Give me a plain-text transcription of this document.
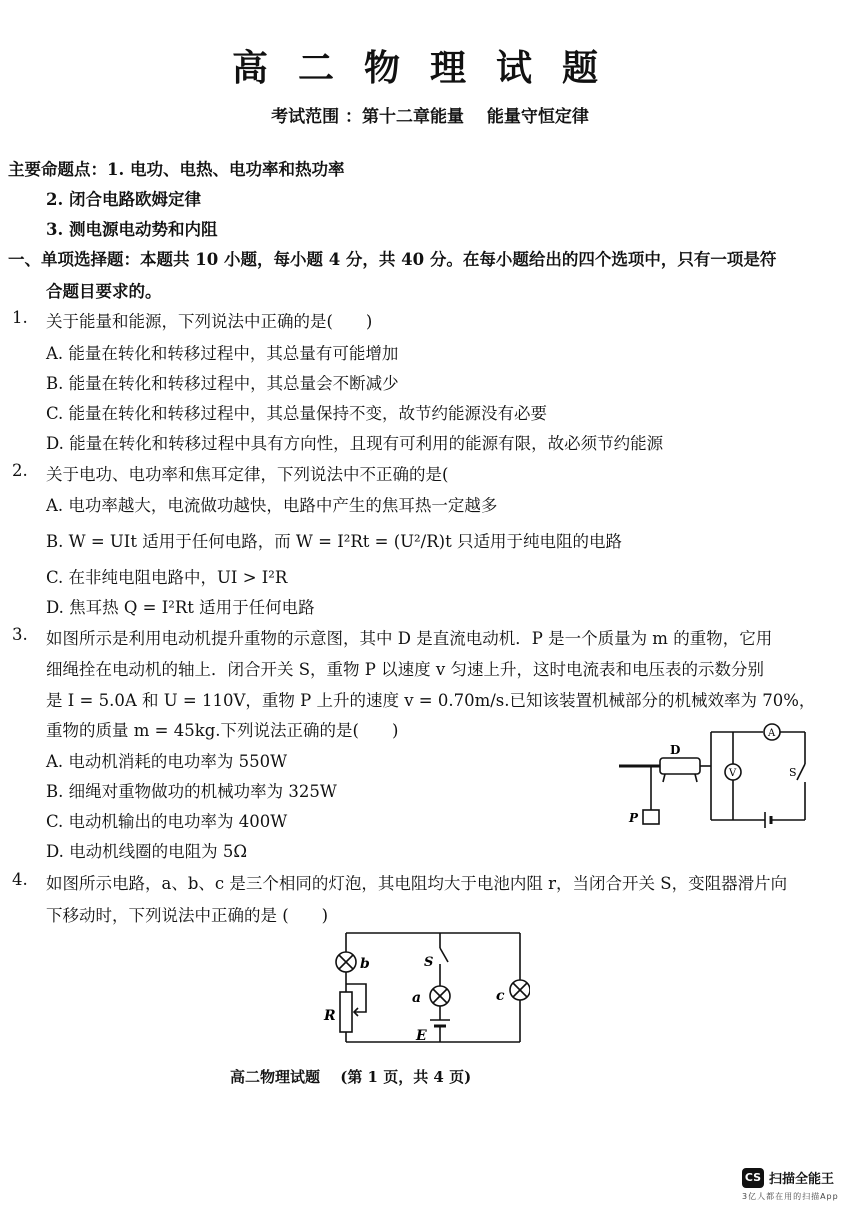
高二物理试题
考试范围 ：第十二章能量　 能量守恒定律
主要命题点：1. 电功、电热、电功率和热功率
2. 闭合电路欧姆定律
3. 测电源电动势和内阻
一、单项选择题：本题共 10 小题，每小题 4 分，共 40 分。在每小题给出的四个选项中，只有一项是符
合题目要求的。
1. 关于能量和能源，下列说法中正确的是(　　)
A. 能量在转化和转移过程中，其总量有可能增加
B. 能量在转化和转移过程中，其总量会不断减少
C. 能量在转化和转移过程中，其总量保持不变，故节约能源没有必要
D. 能量在转化和转移过程中具有方向性，且现有可利用的能源有限，故必须节约能源
2. 关于电功、电功率和焦耳定律，下列说法中不正确的是(
A. 电功率越大，电流做功越快，电路中产生的焦耳热一定越多
B. W = UIt 适用于任何电路，而 W = I²Rt = (U²/R)t 只适用于纯电阻的电路
C. 在非纯电阻电路中，UI > I²R
D. 焦耳热 Q = I²Rt 适用于任何电路
3. 如图所示是利用电动机提升重物的示意图，其中 D 是直流电动机．P 是一个质量为 m 的重物，它用
细绳拴在电动机的轴上．闭合开关 S，重物 P 以速度 v 匀速上升，这时电流表和电压表的示数分别
是 I = 5.0A 和 U = 110V，重物 P 上升的速度 v = 0.70m/s.已知该装置机械部分的机械效率为 70%，
重物的质量 m = 45kg.下列说法正确的是(　　)
A. 电动机消耗的电功率为 550W
B. 细绳对重物做功的机械功率为 325W
C. 电动机输出的电功率为 400W
D. 电动机线圈的电阻为 5Ω
D
A
V	S
P
4. 如图所示电路，a、b、c 是三个相同的灯泡，其电阻均大于电池内阻 r，当闭合开关 S，变阻器滑片向
下移动时，下列说法中正确的是 (　　)
b	S
a	c
R
E
高二物理试题　 (第 1 页，共 4 页)
CS 扫描全能王
3亿人都在用的扫描App
